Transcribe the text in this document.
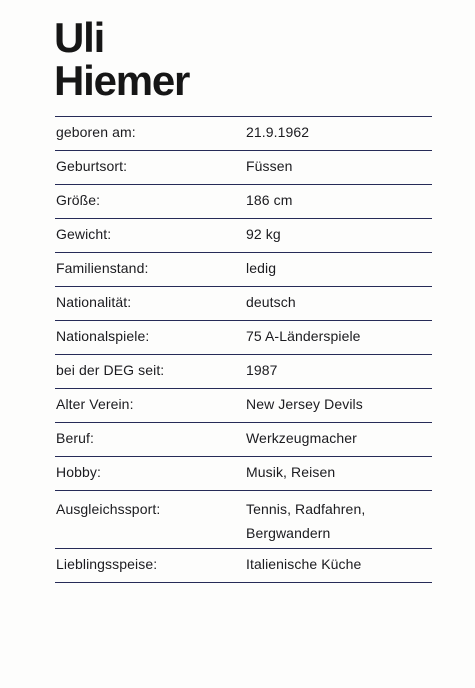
Uli
Hiemer
geboren am:	21.9.1962
Geburtsort:	Füssen
Größe:	186 cm
Gewicht:	92 kg
Familienstand:	ledig
Nationalität:	deutsch
Nationalspiele:	75 A-Länderspiele
bei der DEG seit:	1987
Alter Verein:	New Jersey Devils
Beruf:	Werkzeugmacher
Hobby:	Musik, Reisen
Ausgleichssport:	Tennis, Radfahren,
Bergwandern
Lieblingsspeise:	Italienische Küche
